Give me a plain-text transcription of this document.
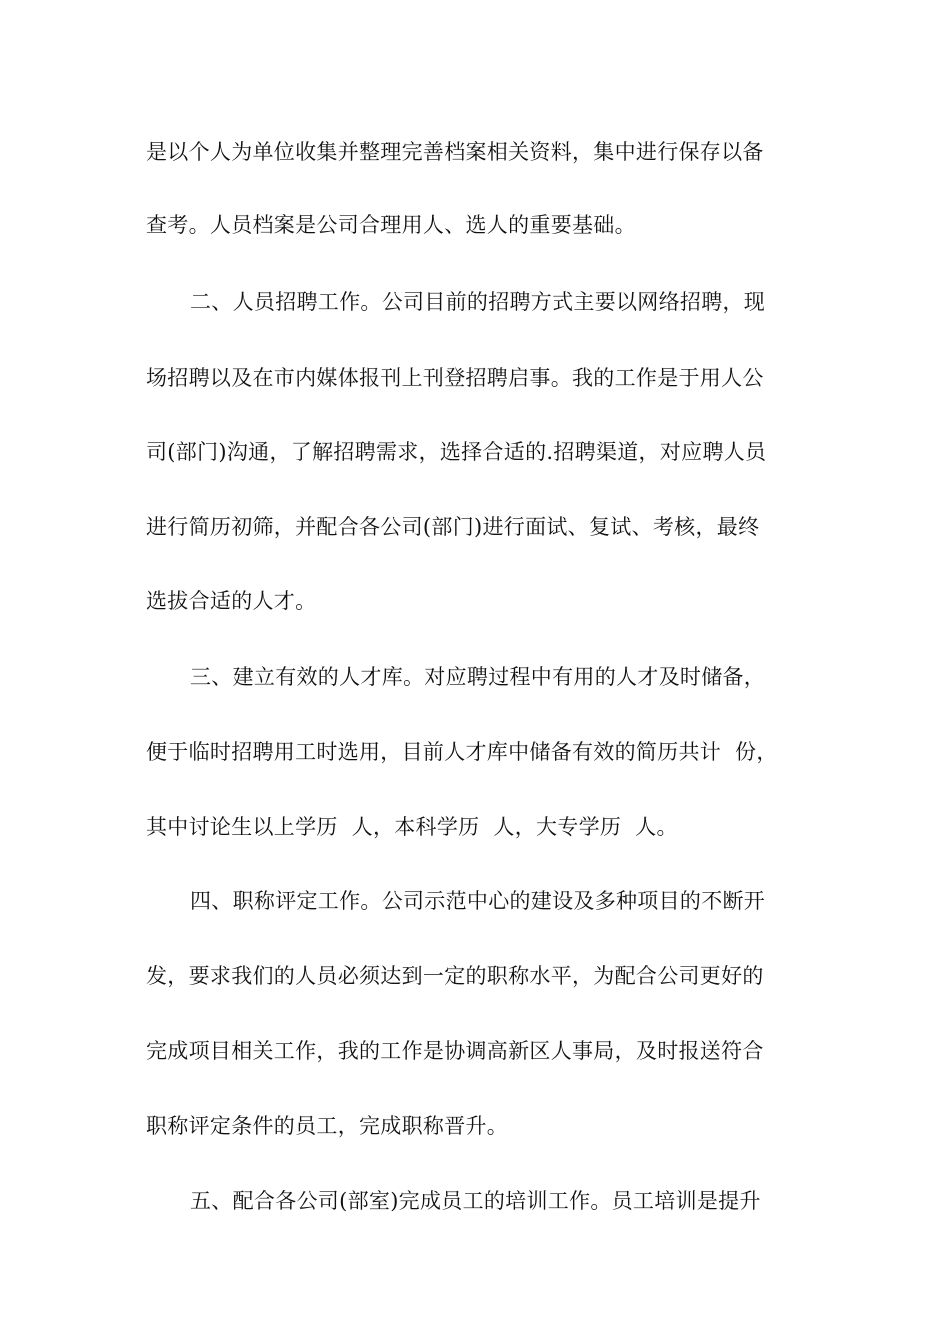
是以个人为单位收集并整理完善档案相关资料，集中进行保存以备
查考。人员档案是公司合理用人、选人的重要基础。
二、人员招聘工作。公司目前的招聘方式主要以网络招聘，现
场招聘以及在市内媒体报刊上刊登招聘启事。我的工作是于用人公
司(部门)沟通，了解招聘需求，选择合适的.招聘渠道，对应聘人员
进行简历初筛，并配合各公司(部门)进行面试、复试、考核，最终
选拔合适的人才。
三、建立有效的人才库。对应聘过程中有用的人才及时储备，
便于临时招聘用工时选用，目前人才库中储备有效的简历共计  份，
其中讨论生以上学历  人，本科学历  人，大专学历  人。
四、职称评定工作。公司示范中心的建设及多种项目的不断开
发，要求我们的人员必须达到一定的职称水平，为配合公司更好的
完成项目相关工作，我的工作是协调高新区人事局，及时报送符合
职称评定条件的员工，完成职称晋升。
五、配合各公司(部室)完成员工的培训工作。员工培训是提升
